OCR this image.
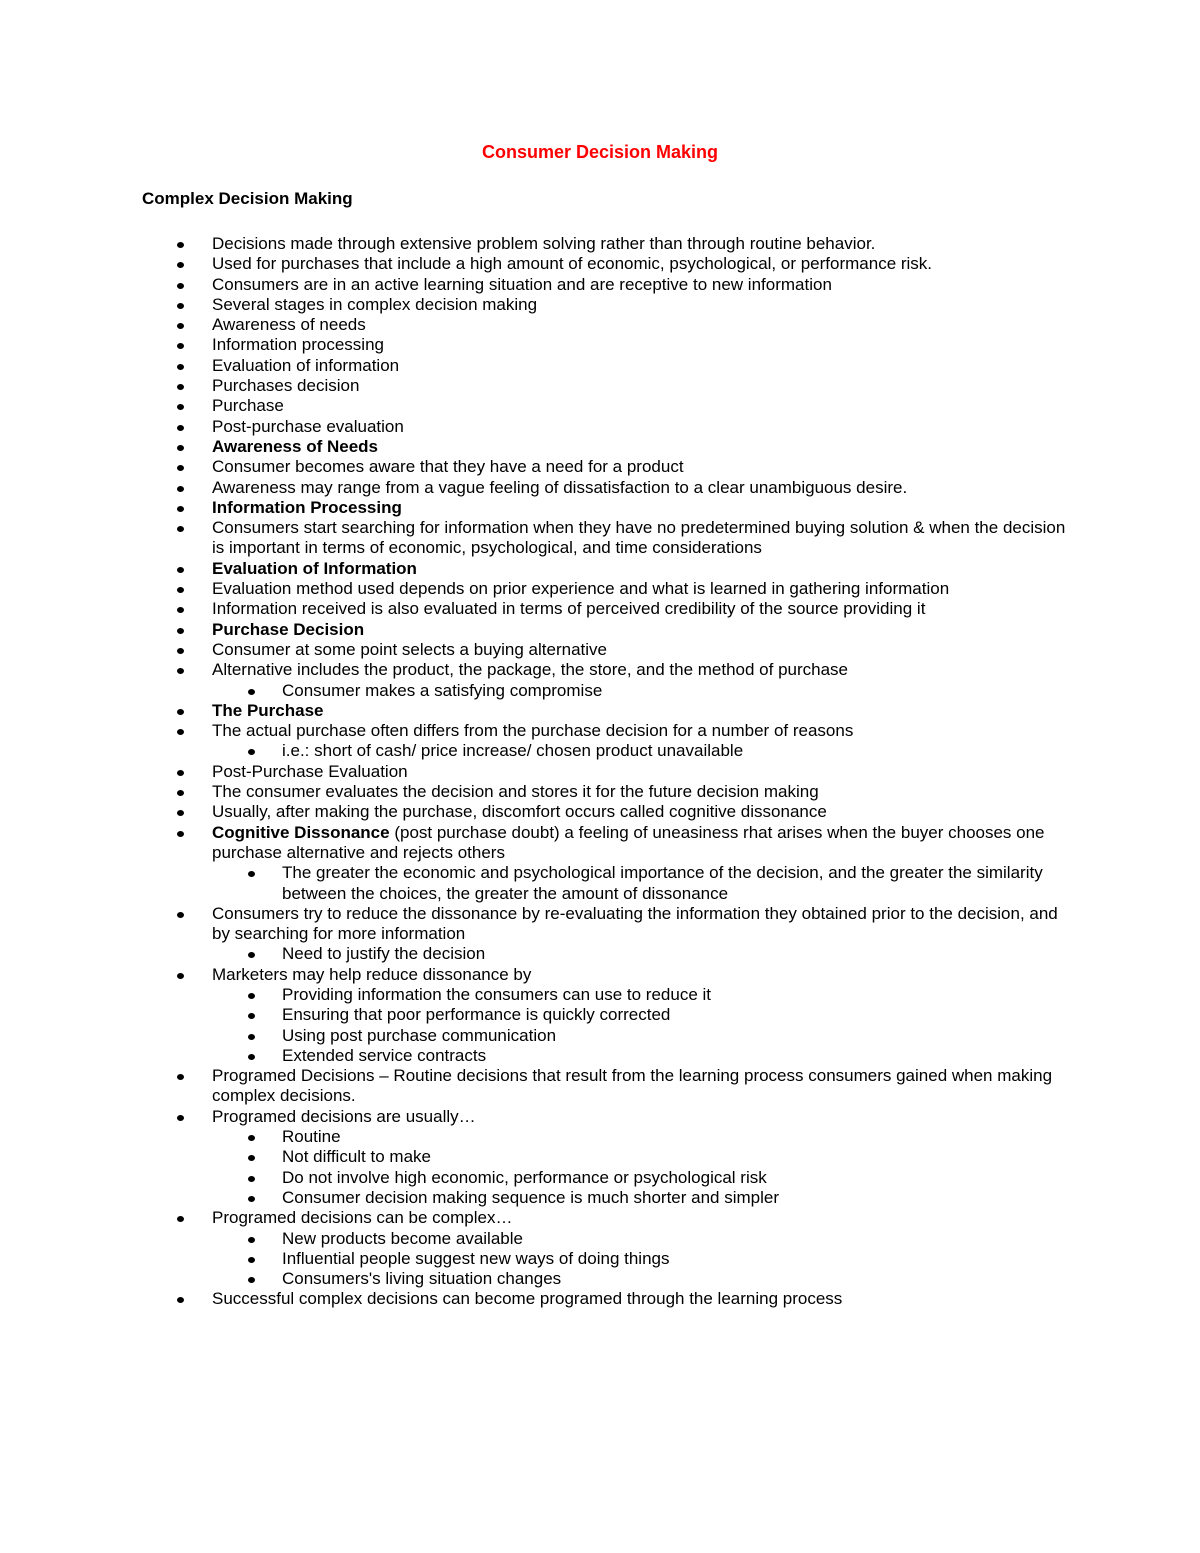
Consumer Decision Making
Complex Decision Making
Decisions made through extensive problem solving rather than through routine behavior.
Used for purchases that include a high amount of economic, psychological, or performance risk.
Consumers are in an active learning situation and are receptive to new information
Several stages in complex decision making
Awareness of needs
Information processing
Evaluation of information
Purchases decision
Purchase
Post-purchase evaluation
Awareness of Needs
Consumer becomes aware that they have a need for a product
Awareness may range from a vague feeling of dissatisfaction to a clear unambiguous desire.
Information Processing
Consumers start searching for information when they have no predetermined buying solution & when the decision is important in terms of economic, psychological, and time considerations
Evaluation of Information
Evaluation method used depends on prior experience and what is learned in gathering information
Information received is also evaluated in terms of perceived credibility of the source providing it
Purchase Decision
Consumer at some point selects a buying alternative
Alternative includes the product, the package, the store, and the method of purchase
Consumer makes a satisfying compromise
The Purchase
The actual purchase often differs from the purchase decision for a number of reasons
i.e.: short of cash/ price increase/ chosen product unavailable
Post-Purchase Evaluation
The consumer evaluates the decision and stores it for the future decision making
Usually, after making the purchase, discomfort occurs called cognitive dissonance
Cognitive Dissonance (post purchase doubt) a feeling of uneasiness rhat arises when the buyer chooses one purchase alternative and rejects others
The greater the economic and psychological importance of the decision, and the greater the similarity between the choices, the greater the amount of dissonance
Consumers try to reduce the dissonance by re-evaluating the information they obtained prior to the decision, and by searching for more information
Need to justify the decision
Marketers may help reduce dissonance by
Providing information the consumers can use to reduce it
Ensuring that poor performance is quickly corrected
Using post purchase communication
Extended service contracts
Programed Decisions – Routine decisions that result from the learning process consumers gained when making complex decisions.
Programed decisions are usually…
Routine
Not difficult to make
Do not involve high economic, performance or psychological risk
Consumer decision making sequence is much shorter and simpler
Programed decisions can be complex…
New products become available
Influential people suggest new ways of doing things
Consumers's living situation changes
Successful complex decisions can become programed through the learning process
